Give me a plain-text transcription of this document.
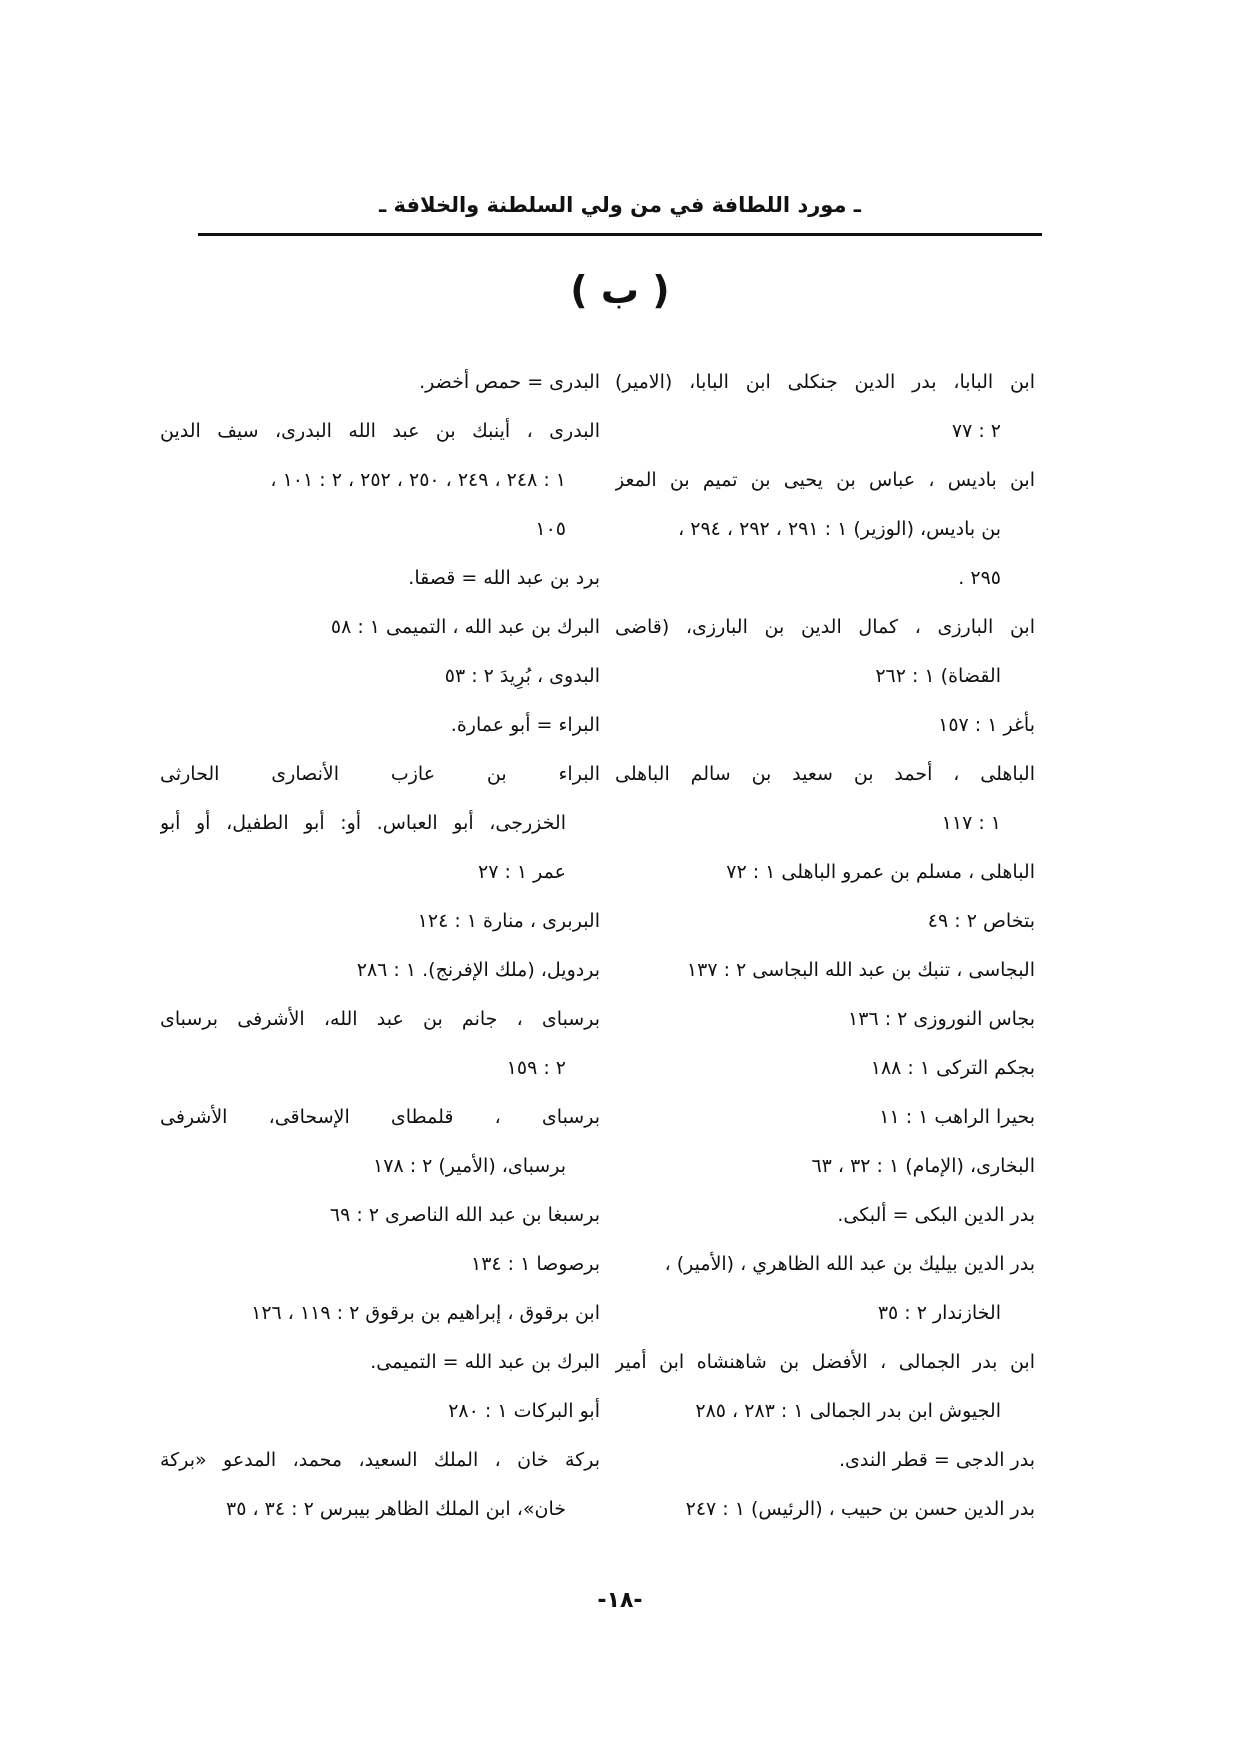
ـ مورد اللطافة في من ولي السلطنة والخلافة ـ
( ب )
ابن البابا، بدر الدين جنكلى ابن البابا، (الامير)
٢ : ٧٧
ابن باديس ، عباس بن يحيى بن تميم بن المعز
بن باديس، (الوزير) ١ : ٢٩١ ، ٢٩٢ ، ٢٩٤ ،
٢٩٥ .
ابن البارزى ، كمال الدين بن البارزى، (قاضى
القضاة) ١ : ٢٦٢
بأغر ١ : ١٥٧
الباهلى ، أحمد بن سعيد بن سالم الباهلى
١ : ١١٧
الباهلى ، مسلم بن عمرو الباهلى ١ : ٧٢
بتخاص ٢ : ٤٩
البجاسى ، تنبك بن عبد الله البجاسى ٢ : ١٣٧
بجاس النوروزى ٢ : ١٣٦
بجكم التركى ١ : ١٨٨
بحيرا الراهب ١ : ١١
البخارى، (الإمام) ١ : ٣٢ ، ٦٣
بدر الدين البكى = ألبكى.
بدر الدين بيليك بن عبد الله الظاهري ، (الأمير) ،
الخازندار ٢ : ٣٥
ابن بدر الجمالى ، الأفضل بن شاهنشاه ابن أمير
الجيوش ابن بدر الجمالى ١ : ٢٨٣ ، ٢٨٥
بدر الدجى = قطر الندى.
بدر الدين حسن بن حبيب ، (الرئيس) ١ : ٢٤٧
البدرى = حمص أخضر.
البدرى ، أينبك بن عبد الله البدرى، سيف الدين
١ : ٢٤٨ ، ٢٤٩ ، ٢٥٠ ، ٢٥٢ ، ٢ : ١٠١ ،
١٠٥
برد بن عبد الله = قصقا.
البرك بن عبد الله ، التميمى ١ : ٥٨
البدوى ، بُرِيدَ ٢ : ٥٣
البراء = أبو عمارة.
البراء بن عازب الأنصارى الحارثى
الخزرجى، أبو العباس. أو: أبو الطفيل، أو أبو
عمر ١ : ٢٧
البربرى ، منارة ١ : ١٢٤
بردويل، (ملك الإفرنج). ١ : ٢٨٦
برسباى ، جانم بن عبد الله، الأشرفى برسباى
٢ : ١٥٩
برسباى ، قلمطاى الإسحاقى، الأشرفى
برسباى، (الأمير) ٢ : ١٧٨
برسبغا بن عبد الله الناصرى ٢ : ٦٩
برصوصا ١ : ١٣٤
ابن برقوق ، إبراهيم بن برقوق ٢ : ١١٩ ، ١٢٦
البرك بن عبد الله = التميمى.
أبو البركات ١ : ٢٨٠
بركة خان ، الملك السعيد، محمد، المدعو «بركة
خان»، ابن الملك الظاهر بيبرس ٢ : ٣٤ ، ٣٥
-١٨-
